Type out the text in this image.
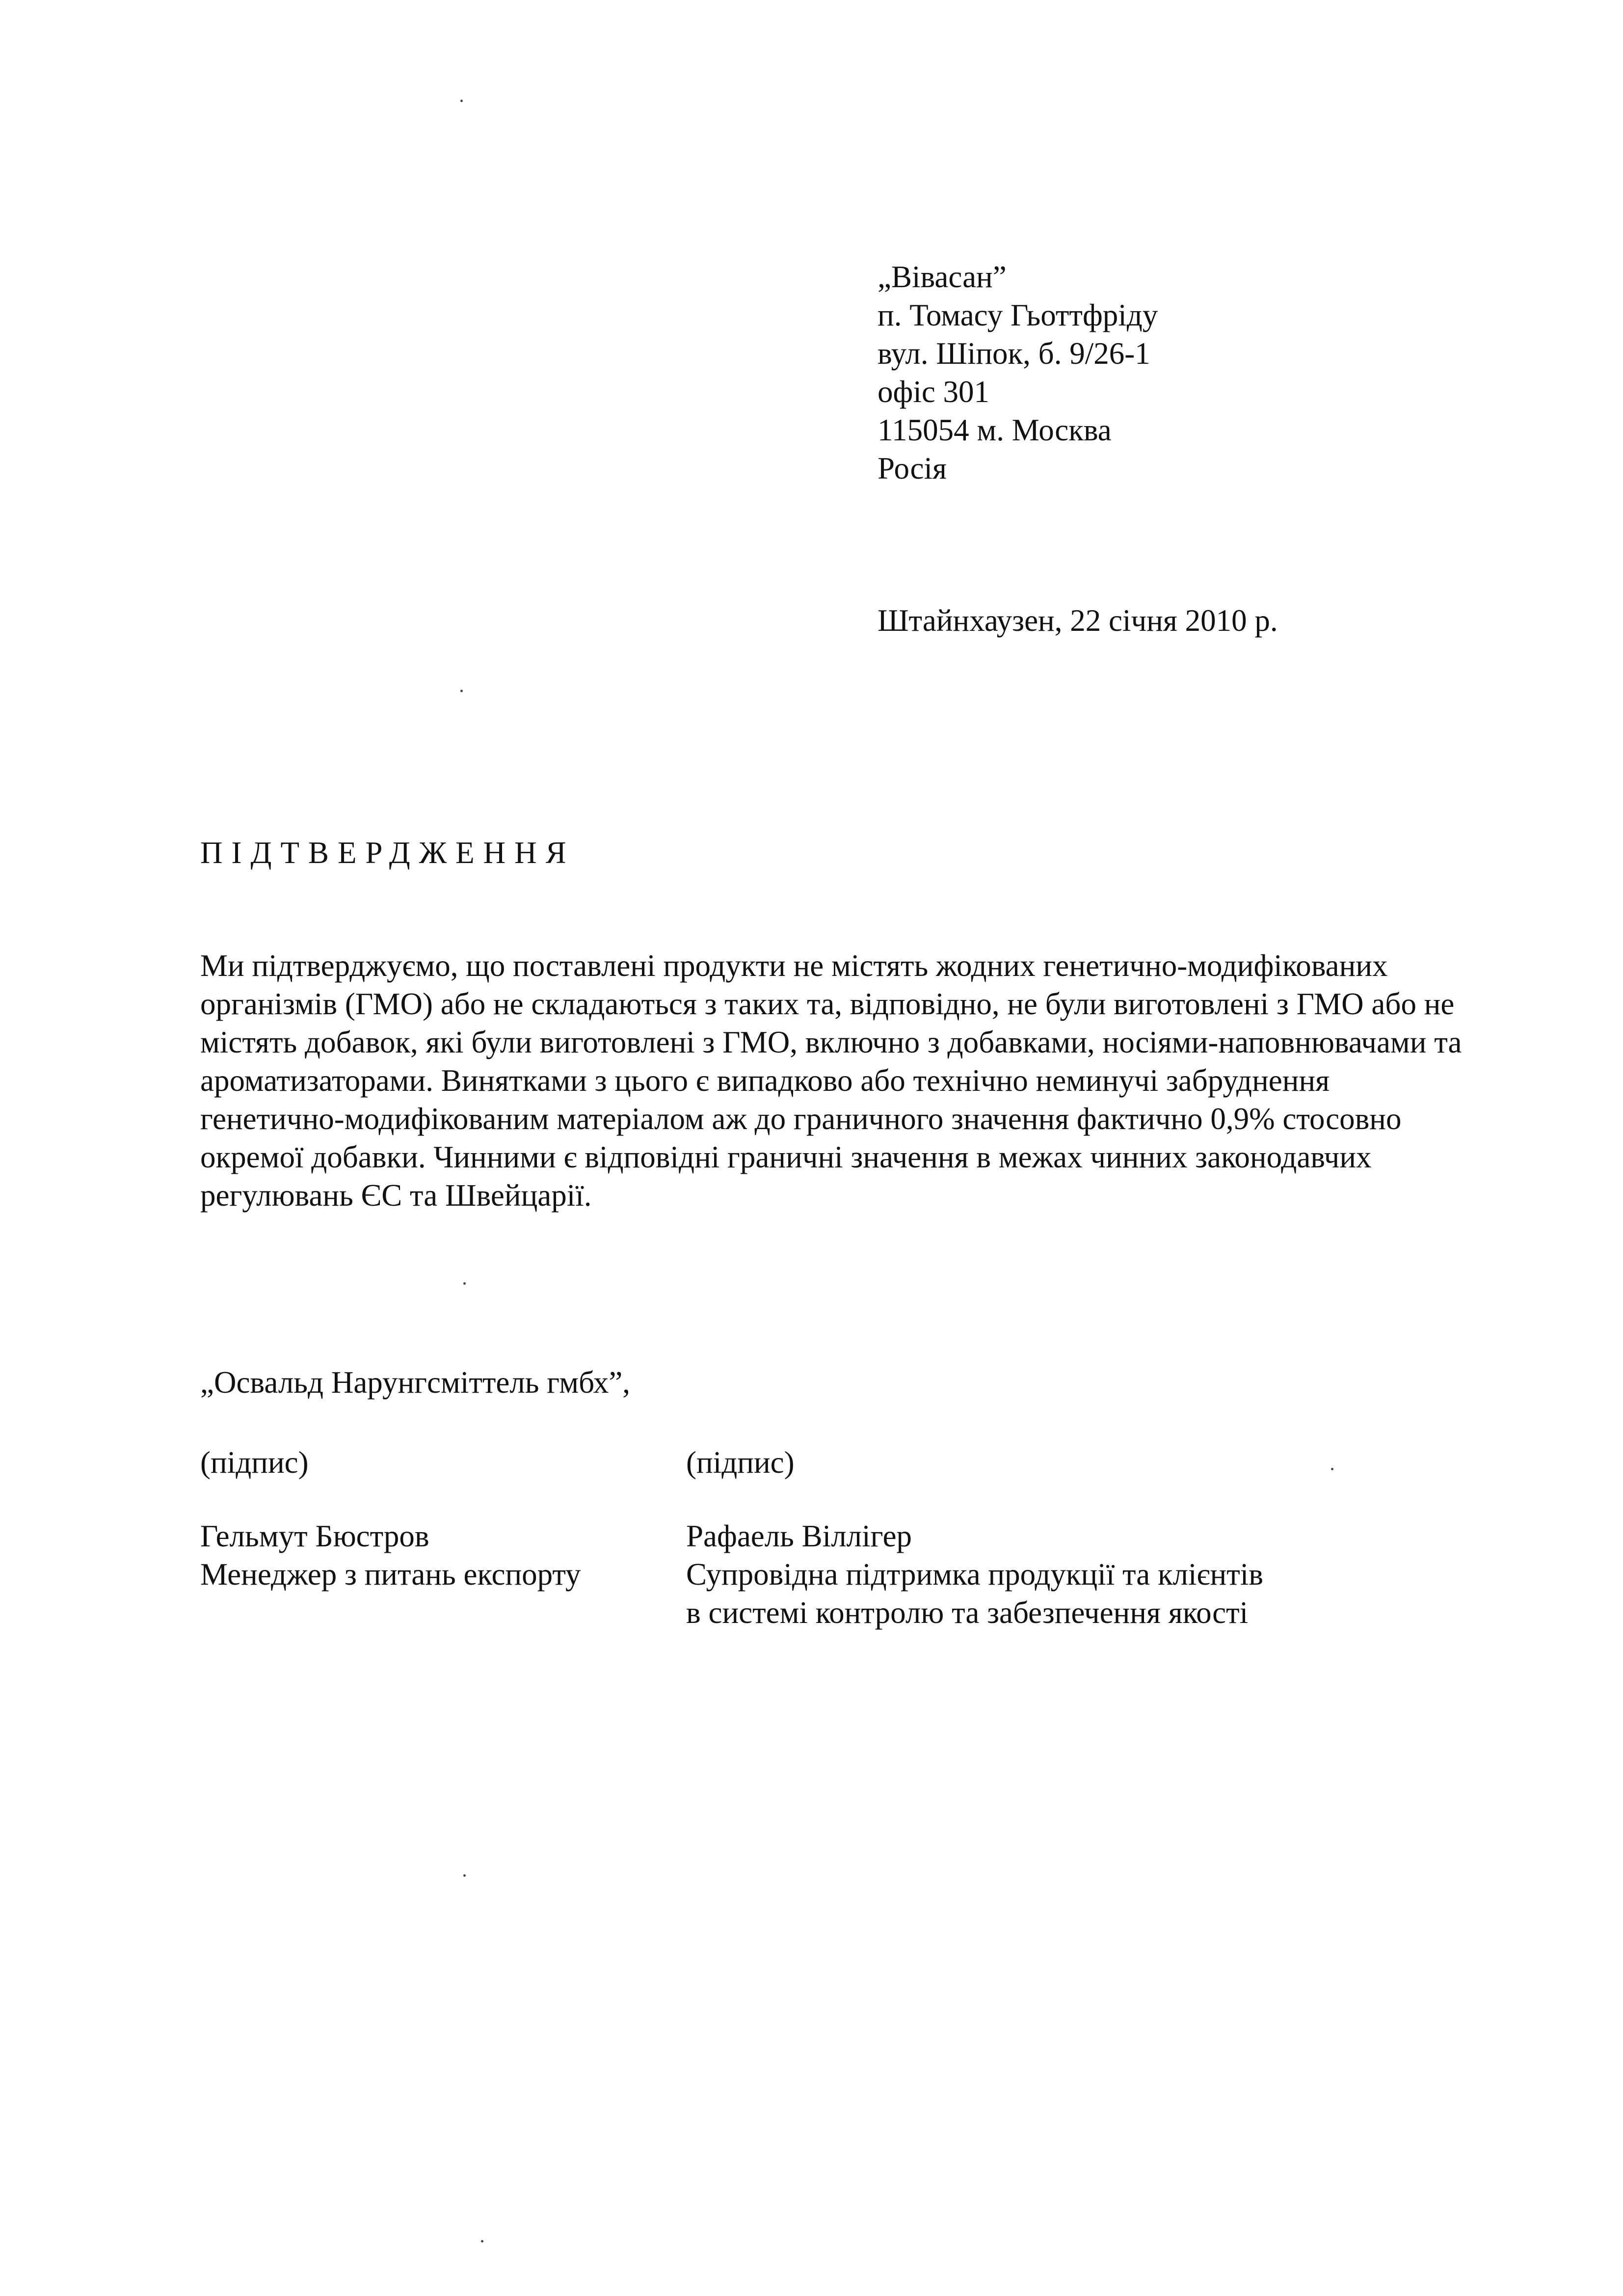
„Вівасан”
п. Томасу Гьоттфріду
вул. Шіпок, б. 9/26-1
офіс 301
115054 м. Москва
Росія
Штайнхаузен, 22 січня 2010 р.
ПІДТВЕРДЖЕННЯ
Ми підтверджуємо, що поставлені продукти не містять жодних генетично-модифікованих
організмів (ГМО) або не складаються з таких та, відповідно, не були виготовлені з ГМО або не
містять добавок, які були виготовлені з ГМО, включно з добавками, носіями-наповнювачами та
ароматизаторами. Винятками з цього є випадково або технічно неминучі забруднення
генетично-модифікованим матеріалом аж до граничного значення фактично 0,9% стосовно
окремої добавки. Чинними є відповідні граничні значення в межах чинних законодавчих
регулювань ЄС та Швейцарії.
„Освальд Нарунгсміттель гмбх”,
(підпис)	(підпис)
Гельмут Бюстров
Менеджер з питань експорту
Рафаель Віллігер
Супровідна підтримка продукції та клієнтів
в системі контролю та забезпечення якості
